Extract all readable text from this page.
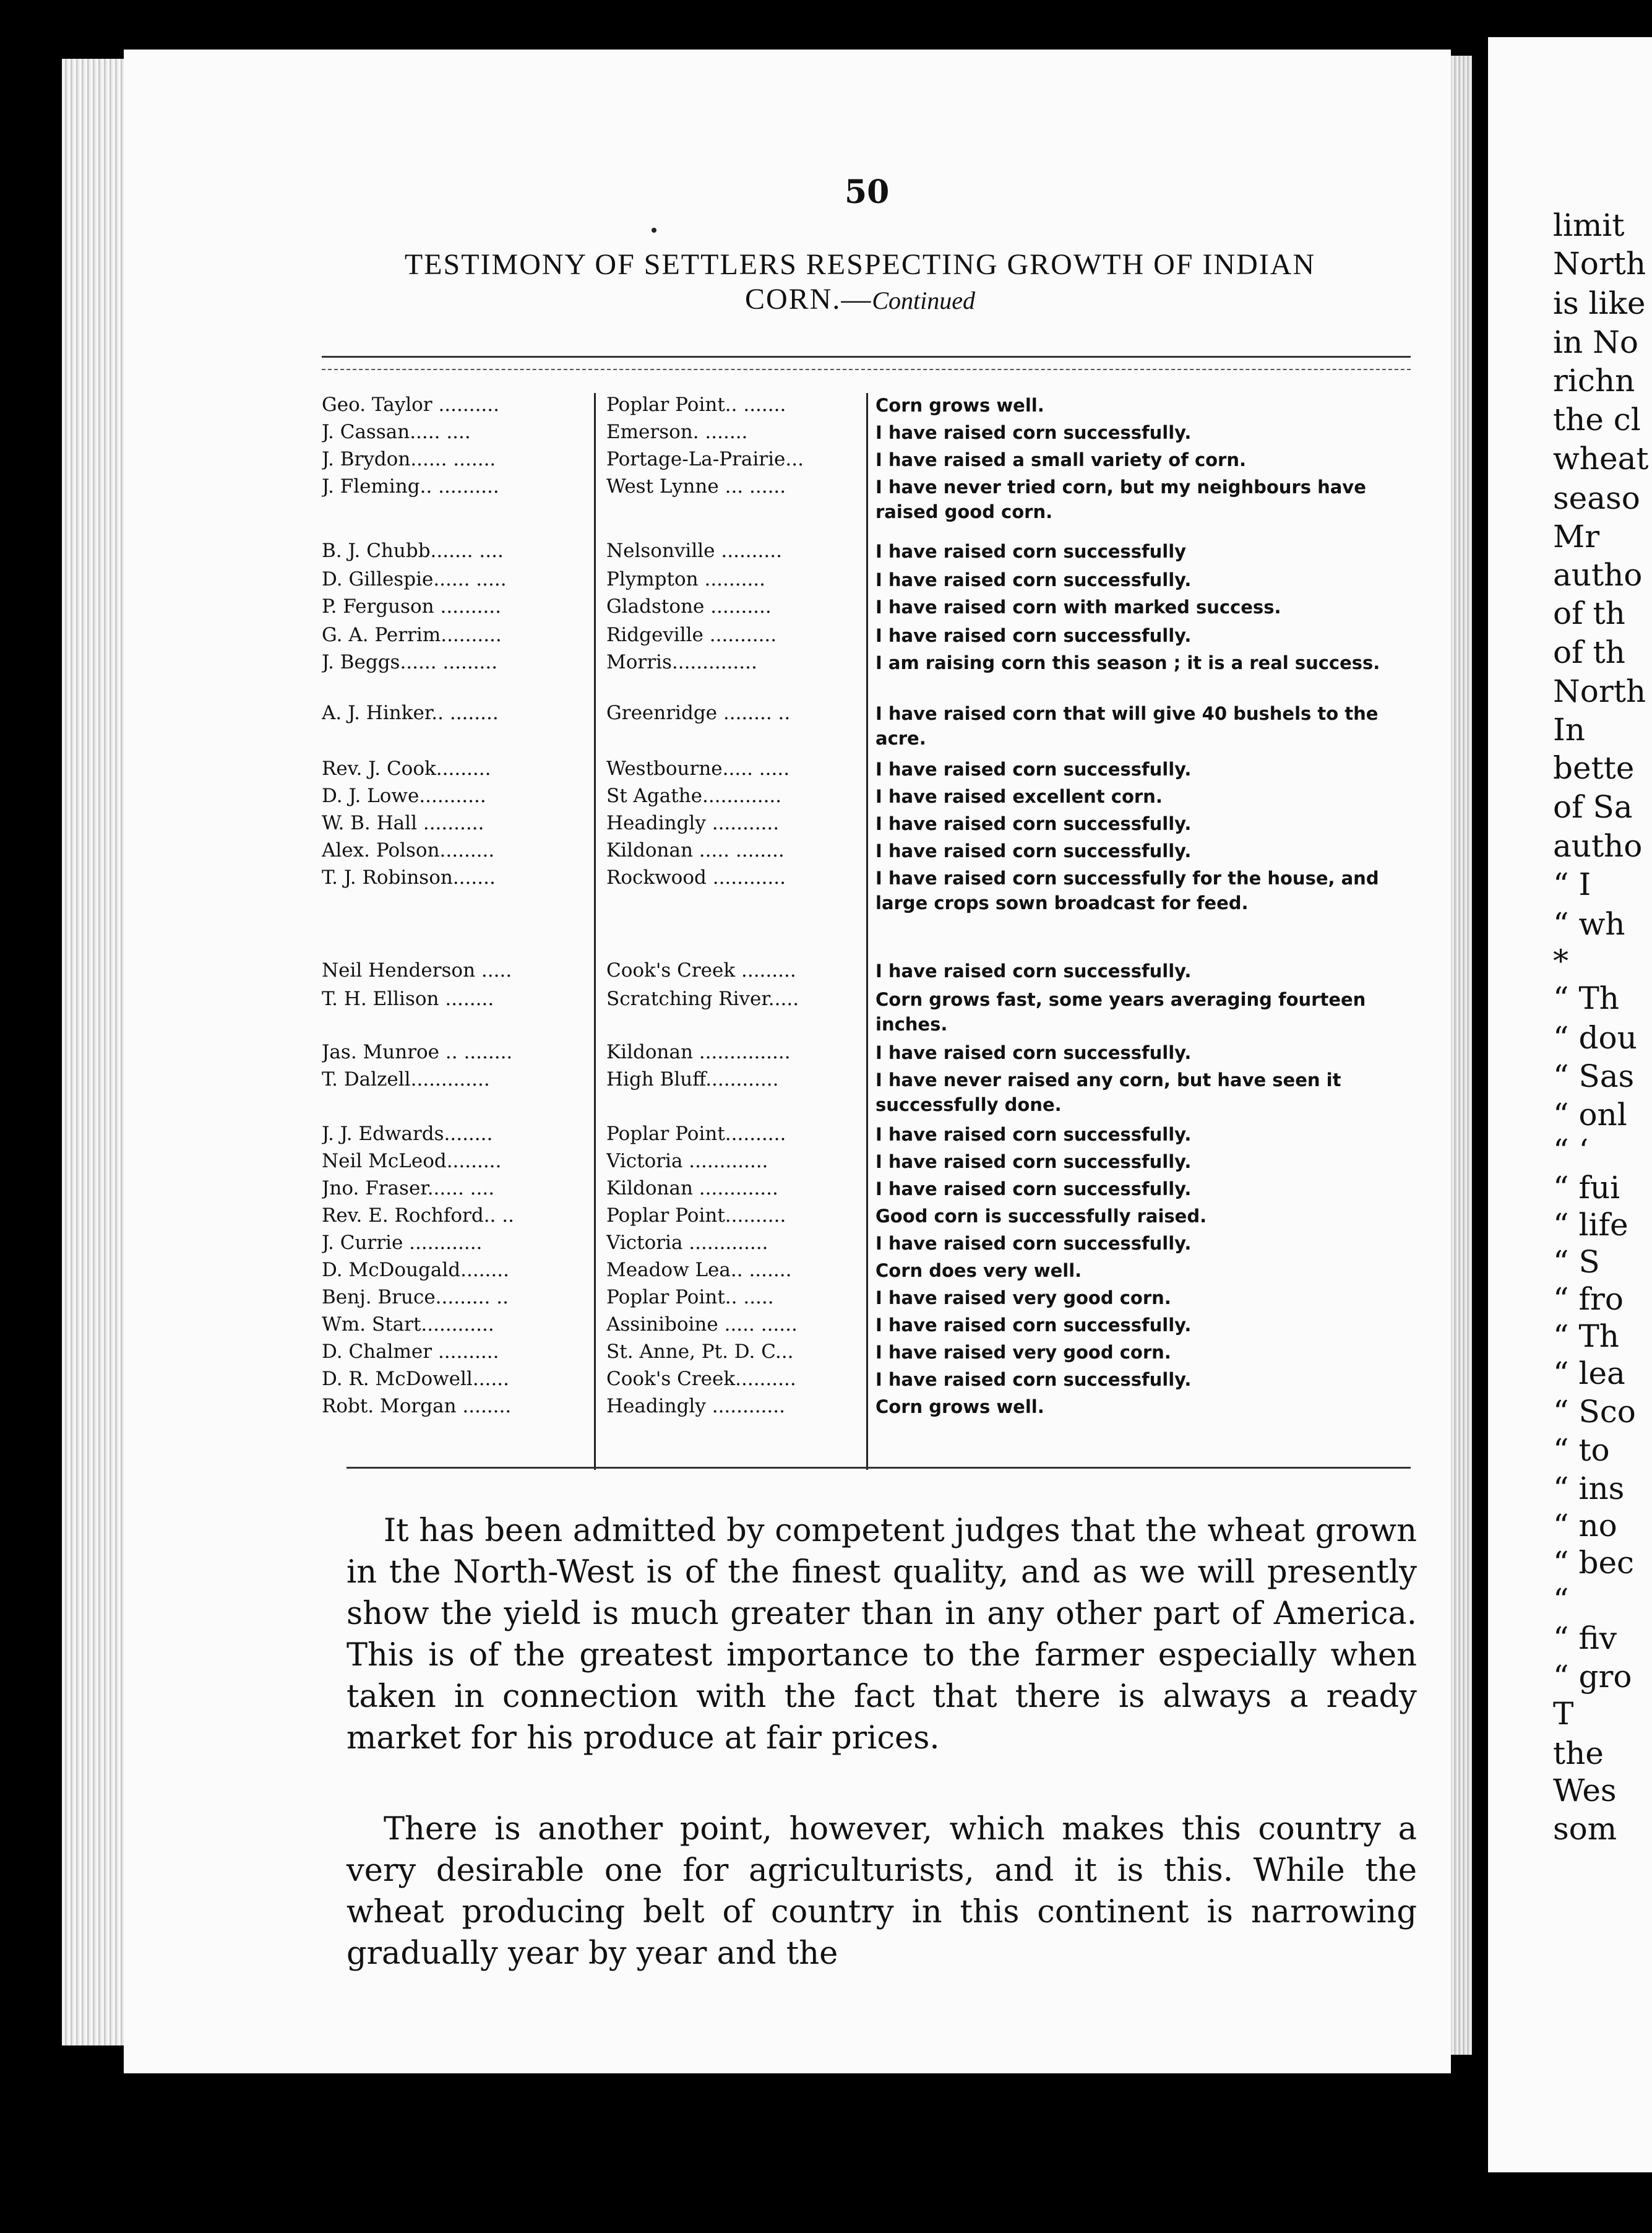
50
TESTIMONY OF SETTLERS RESPECTING GROWTH OF INDIAN
CORN.—Continued
Geo. Taylor ..........	Poplar Point.. .......	Corn grows well.
J. Cassan..... ....	Emerson. .......	I have raised corn successfully.
J. Brydon...... .......	Portage-La-Prairie...	I have raised a small variety of corn.
J. Fleming.. ..........	West Lynne ... ......	I have never tried corn, but my neighbours have raised good corn.
B. J. Chubb....... ....	Nelsonville ..........	I have raised corn successfully
D. Gillespie...... .....	Plympton ..........	I have raised corn successfully.
P. Ferguson ..........	Gladstone ..........	I have raised corn with marked success.
G. A. Perrim..........	Ridgeville ...........	I have raised corn successfully.
J. Beggs...... .........	Morris..............	I am raising corn this season ; it is a real success.
A. J. Hinker.. ........	Greenridge ........ ..	I have raised corn that will give 40 bushels to the acre.
Rev. J. Cook.........	Westbourne..... .....	I have raised corn successfully.
D. J. Lowe...........	St Agathe.............	I have raised excellent corn.
W. B. Hall ..........	Headingly ...........	I have raised corn successfully.
Alex. Polson.........	Kildonan ..... ........	I have raised corn successfully.
T. J. Robinson.......	Rockwood ............	I have raised corn successfully for the house, and large crops sown broadcast for feed.
Neil Henderson .....	Cook's Creek .........	I have raised corn successfully.
T. H. Ellison ........	Scratching River.....	Corn grows fast, some years averaging fourteen inches.
Jas. Munroe .. ........	Kildonan ...............	I have raised corn successfully.
T. Dalzell.............	High Bluff............	I have never raised any corn, but have seen it successfully done.
J. J. Edwards........	Poplar Point..........	I have raised corn successfully.
Neil McLeod.........	Victoria .............	I have raised corn successfully.
Jno. Fraser...... ....	Kildonan .............	I have raised corn successfully.
Rev. E. Rochford.. ..	Poplar Point..........	Good corn is successfully raised.
J. Currie ............	Victoria .............	I have raised corn successfully.
D. McDougald........	Meadow Lea.. .......	Corn does very well.
Benj. Bruce......... ..	Poplar Point.. .....	I have raised very good corn.
Wm. Start............	Assiniboine ..... ......	I have raised corn successfully.
D. Chalmer ..........	St. Anne, Pt. D. C...	I have raised very good corn.
D. R. McDowell......	Cook's Creek..........	I have raised corn successfully.
Robt. Morgan ........	Headingly ............	Corn grows well.
It has been admitted by competent judges that the wheat grown in the North-West is of the finest quality, and as we will presently show the yield is much greater than in any other part of America. This is of the greatest importance to the farmer especially when taken in connection with the fact that there is always a ready market for his produce at fair prices.
There is another point, however, which makes this country a very desirable one for agriculturists, and it is this. While the wheat producing belt of country in this continent is narrowing gradually year by year and the
limit
North
is like
in No
richn
the cl
wheat
seaso
Mr
autho
of th
of th
North
In
bette
of Sa
autho
“ I
“ wh
*
“ Th
“ dou
“ Sas
“ onl
“ ‘
“ fui
“ life
“ S
“ fro
“ Th
“ lea
“ Sco
“ to
“ ins
“ no
“ bec
“
“ fiv
“ gro
T
the
Wes
som
